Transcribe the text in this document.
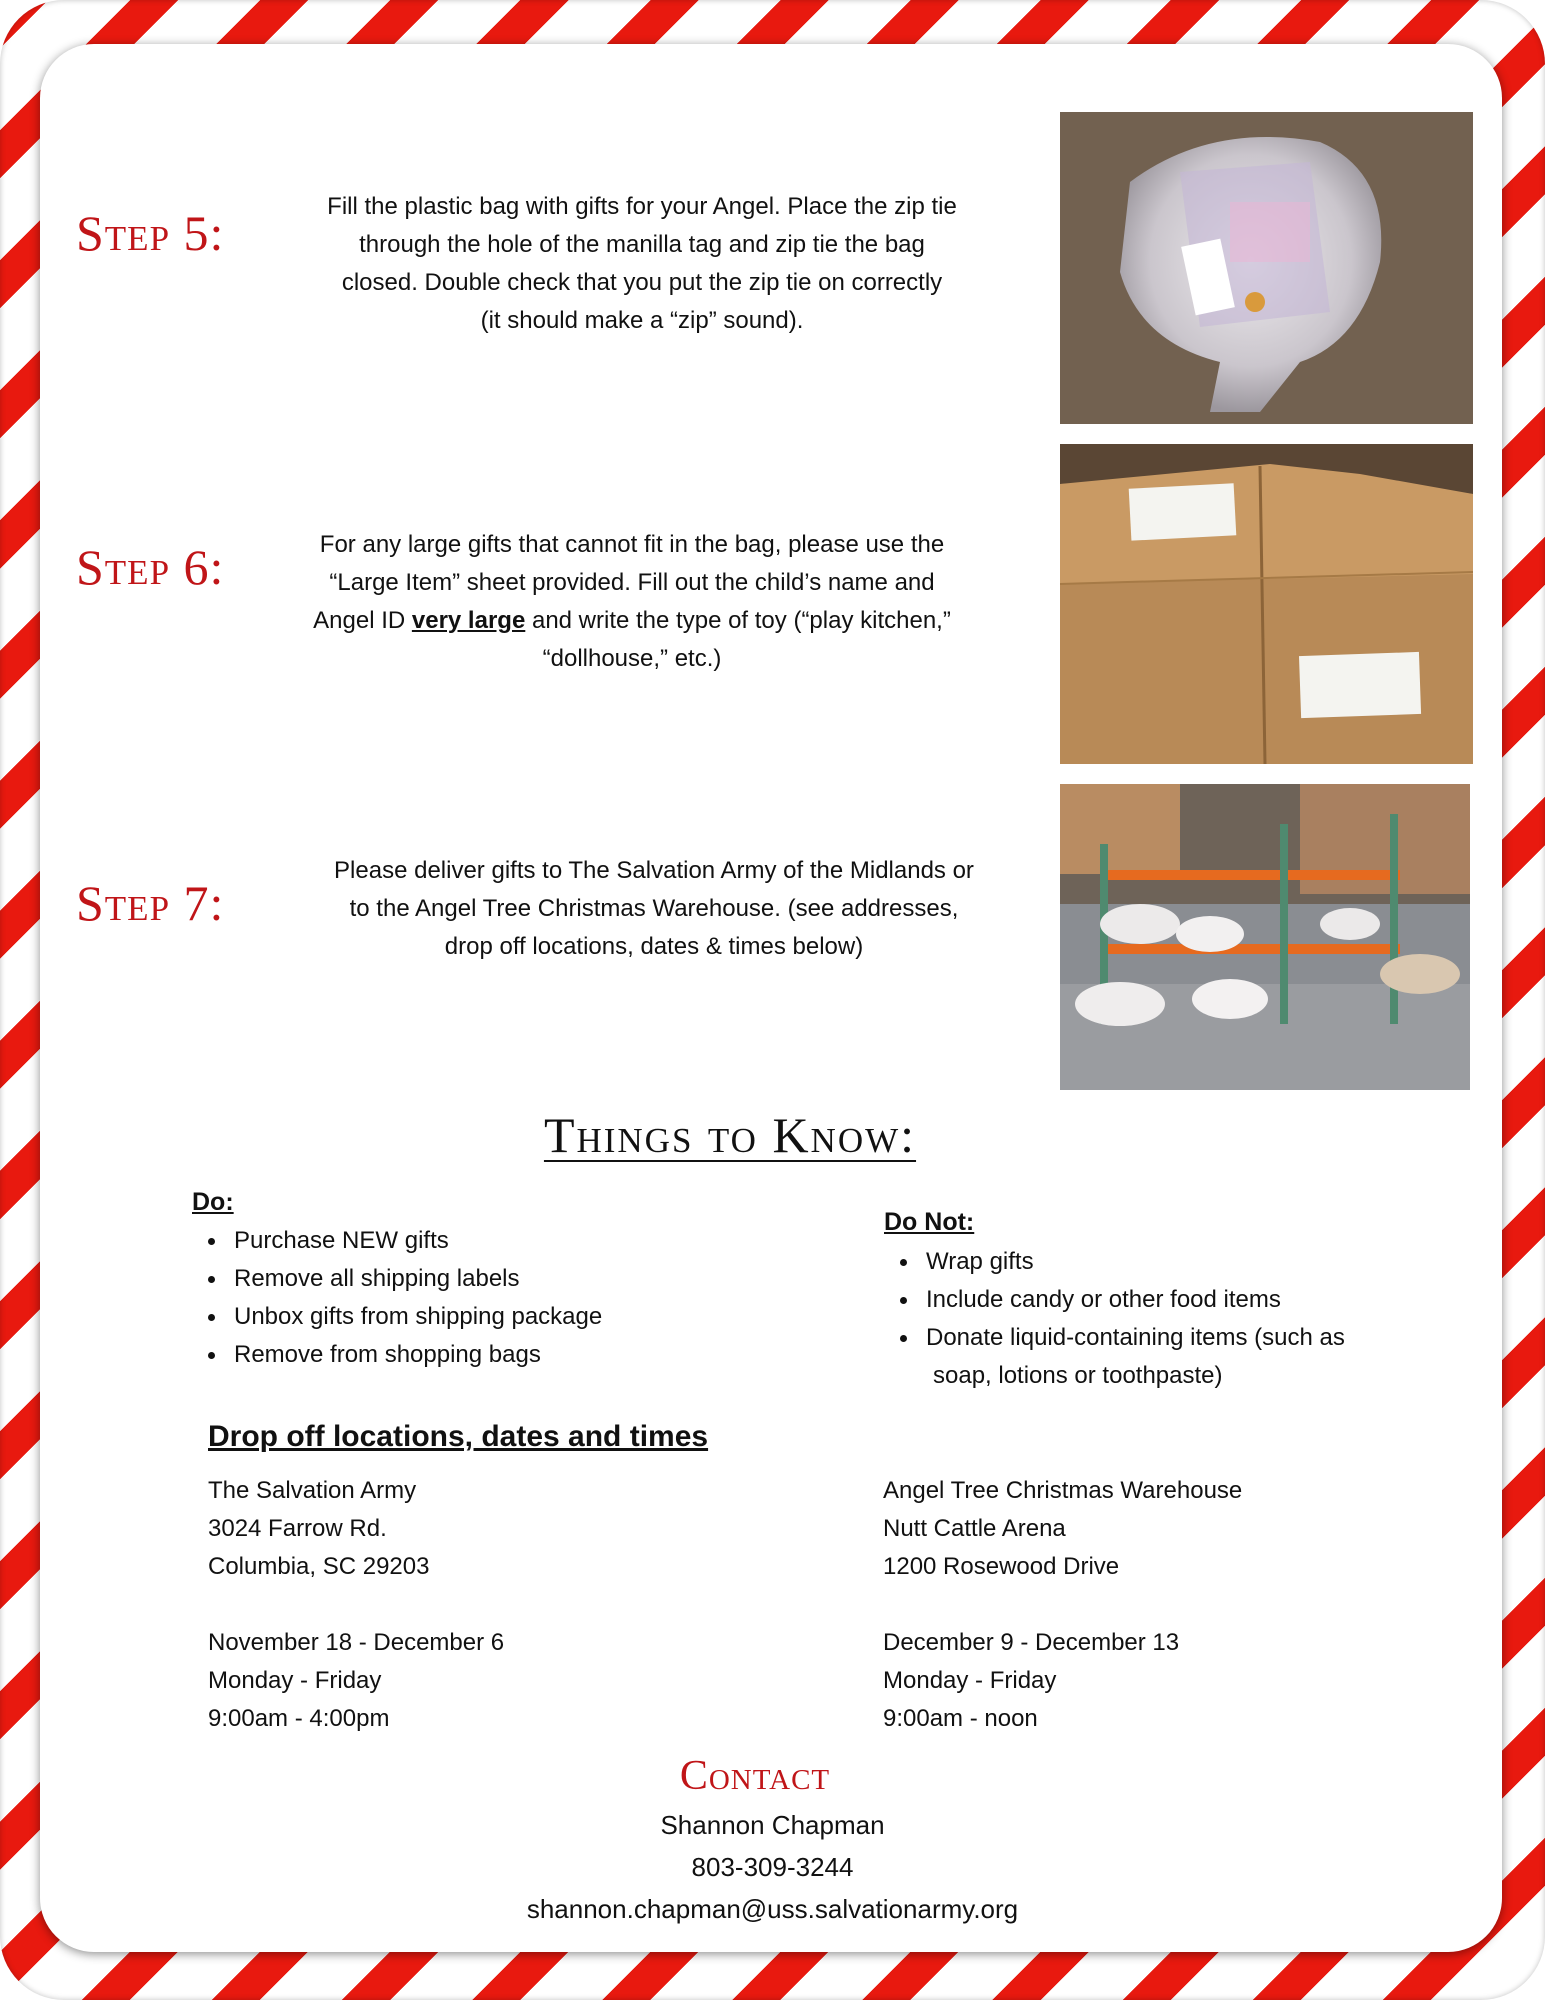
Step 5:	Fill the plastic bag with gifts for your Angel. Place the zip tie
through the hole of the manilla tag and zip tie the bag
closed. Double check that you put the zip tie on correctly
(it should make a “zip” sound).
Step 6:	For any large gifts that cannot fit in the bag, please use the
“Large Item” sheet provided. Fill out the child’s name and
Angel ID very large and write the type of toy (“play kitchen,”
“dollhouse,” etc.)
Step 7:
Please deliver gifts to The Salvation Army of the Midlands or
to the Angel Tree Christmas Warehouse. (see addresses,
drop off locations, dates & times below)
Things to Know:
Do:
Purchase NEW gifts
Remove all shipping labels
Unbox gifts from shipping package
Remove from shopping bags
Do Not:
Wrap gifts
Include candy or other food items
Donate liquid-containing items (such as
soap, lotions or toothpaste)
Drop off locations, dates and times
The Salvation Army
3024 Farrow Rd.
Columbia, SC 29203
November 18 - December 6
Monday - Friday
9:00am - 4:00pm
Angel Tree Christmas Warehouse
Nutt Cattle Arena
1200 Rosewood Drive
December 9 - December 13
Monday - Friday
9:00am - noon
Contact
Shannon Chapman
803-309-3244
shannon.chapman@uss.salvationarmy.org
